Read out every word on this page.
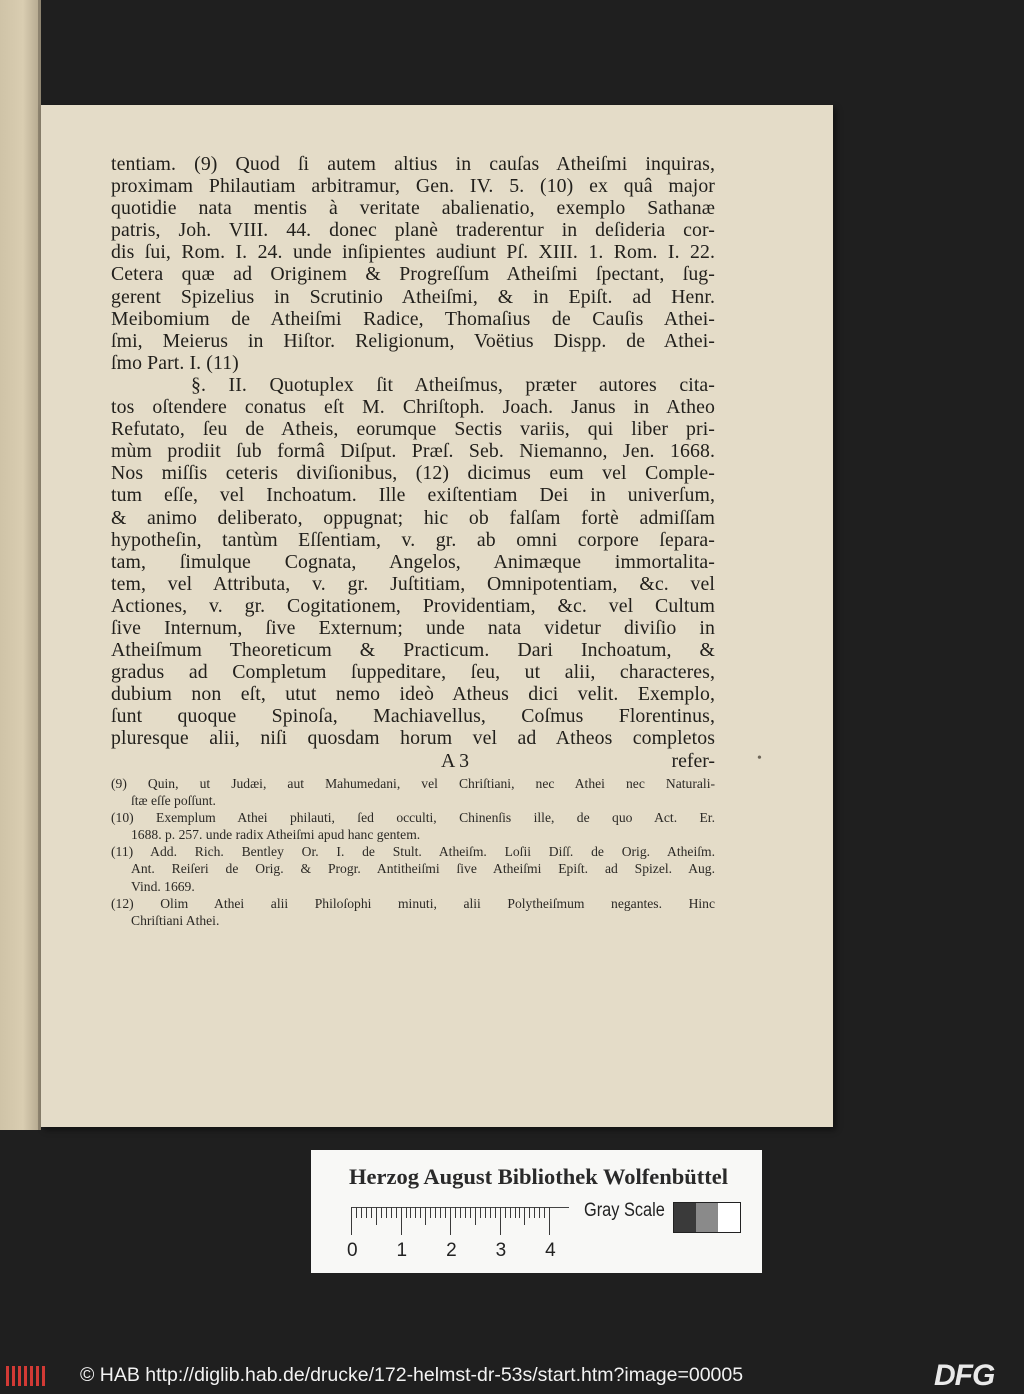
tentiam. (9) Quod ſi autem altius in cauſas Atheiſmi inquiras,
proximam Philautiam arbitramur, Gen. IV. 5. (10) ex quâ major
quotidie nata mentis à veritate abalienatio, exemplo Sathanæ
patris, Joh. VIII. 44. donec planè traderentur in deſideria cor-
dis ſui, Rom. I. 24. unde inſipientes audiunt Pſ. XIII. 1. Rom. I. 22.
Cetera quæ ad Originem & Progreſſum Atheiſmi ſpectant, ſug-
gerent Spizelius in Scrutinio Atheiſmi, & in Epiſt. ad Henr.
Meibomium de Atheiſmi Radice, Thomaſius de Cauſis Athei-
ſmi, Meierus in Hiſtor. Religionum, Voëtius Dispp. de Athei-
ſmo Part. I. (11)
§. II. Quotuplex ſit Atheiſmus, præter autores cita-
tos oſtendere conatus eſt M. Chriſtoph. Joach. Janus in Atheo
Refutato, ſeu de Atheis, eorumque Sectis variis, qui liber pri-
mùm prodiit ſub formâ Diſput. Præſ. Seb. Niemanno, Jen. 1668.
Nos miſſis ceteris diviſionibus, (12) dicimus eum vel Comple-
tum eſſe, vel Inchoatum. Ille exiſtentiam Dei in univerſum,
& animo deliberato, oppugnat; hic ob falſam fortè admiſſam
hypotheſin, tantùm Eſſentiam, v. gr. ab omni corpore ſepara-
tam, ſimulque Cognata, Angelos, Animæque immortalita-
tem, vel Attributa, v. gr. Juſtitiam, Omnipotentiam, &c. vel
Actiones, v. gr. Cogitationem, Providentiam, &c. vel Cultum
ſive Internum, ſive Externum; unde nata videtur diviſio in
Atheiſmum Theoreticum & Practicum. Dari Inchoatum, &
gradus ad Completum ſuppeditare, ſeu, ut alii, characteres,
dubium non eſt, utut nemo ideò Atheus dici velit. Exemplo,
ſunt quoque Spinoſa, Machiavellus, Coſmus Florentinus,
pluresque alii, niſi quosdam horum vel ad Atheos completos
A 3	refer-
(9) Quin, ut Judæi, aut Mahumedani, vel Chriſtiani, nec Athei nec Naturali-
ſtæ eſſe poſſunt.
(10) Exemplum Athei philauti, ſed occulti, Chinenſis ille, de quo Act. Er.
1688. p. 257. unde radix Atheiſmi apud hanc gentem.
(11) Add. Rich. Bentley Or. I. de Stult. Atheiſm. Loſii Diſſ. de Orig. Atheiſm.
Ant. Reiſeri de Orig. & Progr. Antitheiſmi ſive Atheiſmi Epiſt. ad Spizel. Aug.
Vind. 1669.
(12) Olim Athei alii Philoſophi minuti, alii Polytheiſmum negantes. Hinc
Chriſtiani Athei.
•
Herzog August Bibliothek Wolfenbüttel
Gray Scale
0 1 2 3 4
© HAB http://diglib.hab.de/drucke/172-helmst-dr-53s/start.htm?image=00005	DFG
